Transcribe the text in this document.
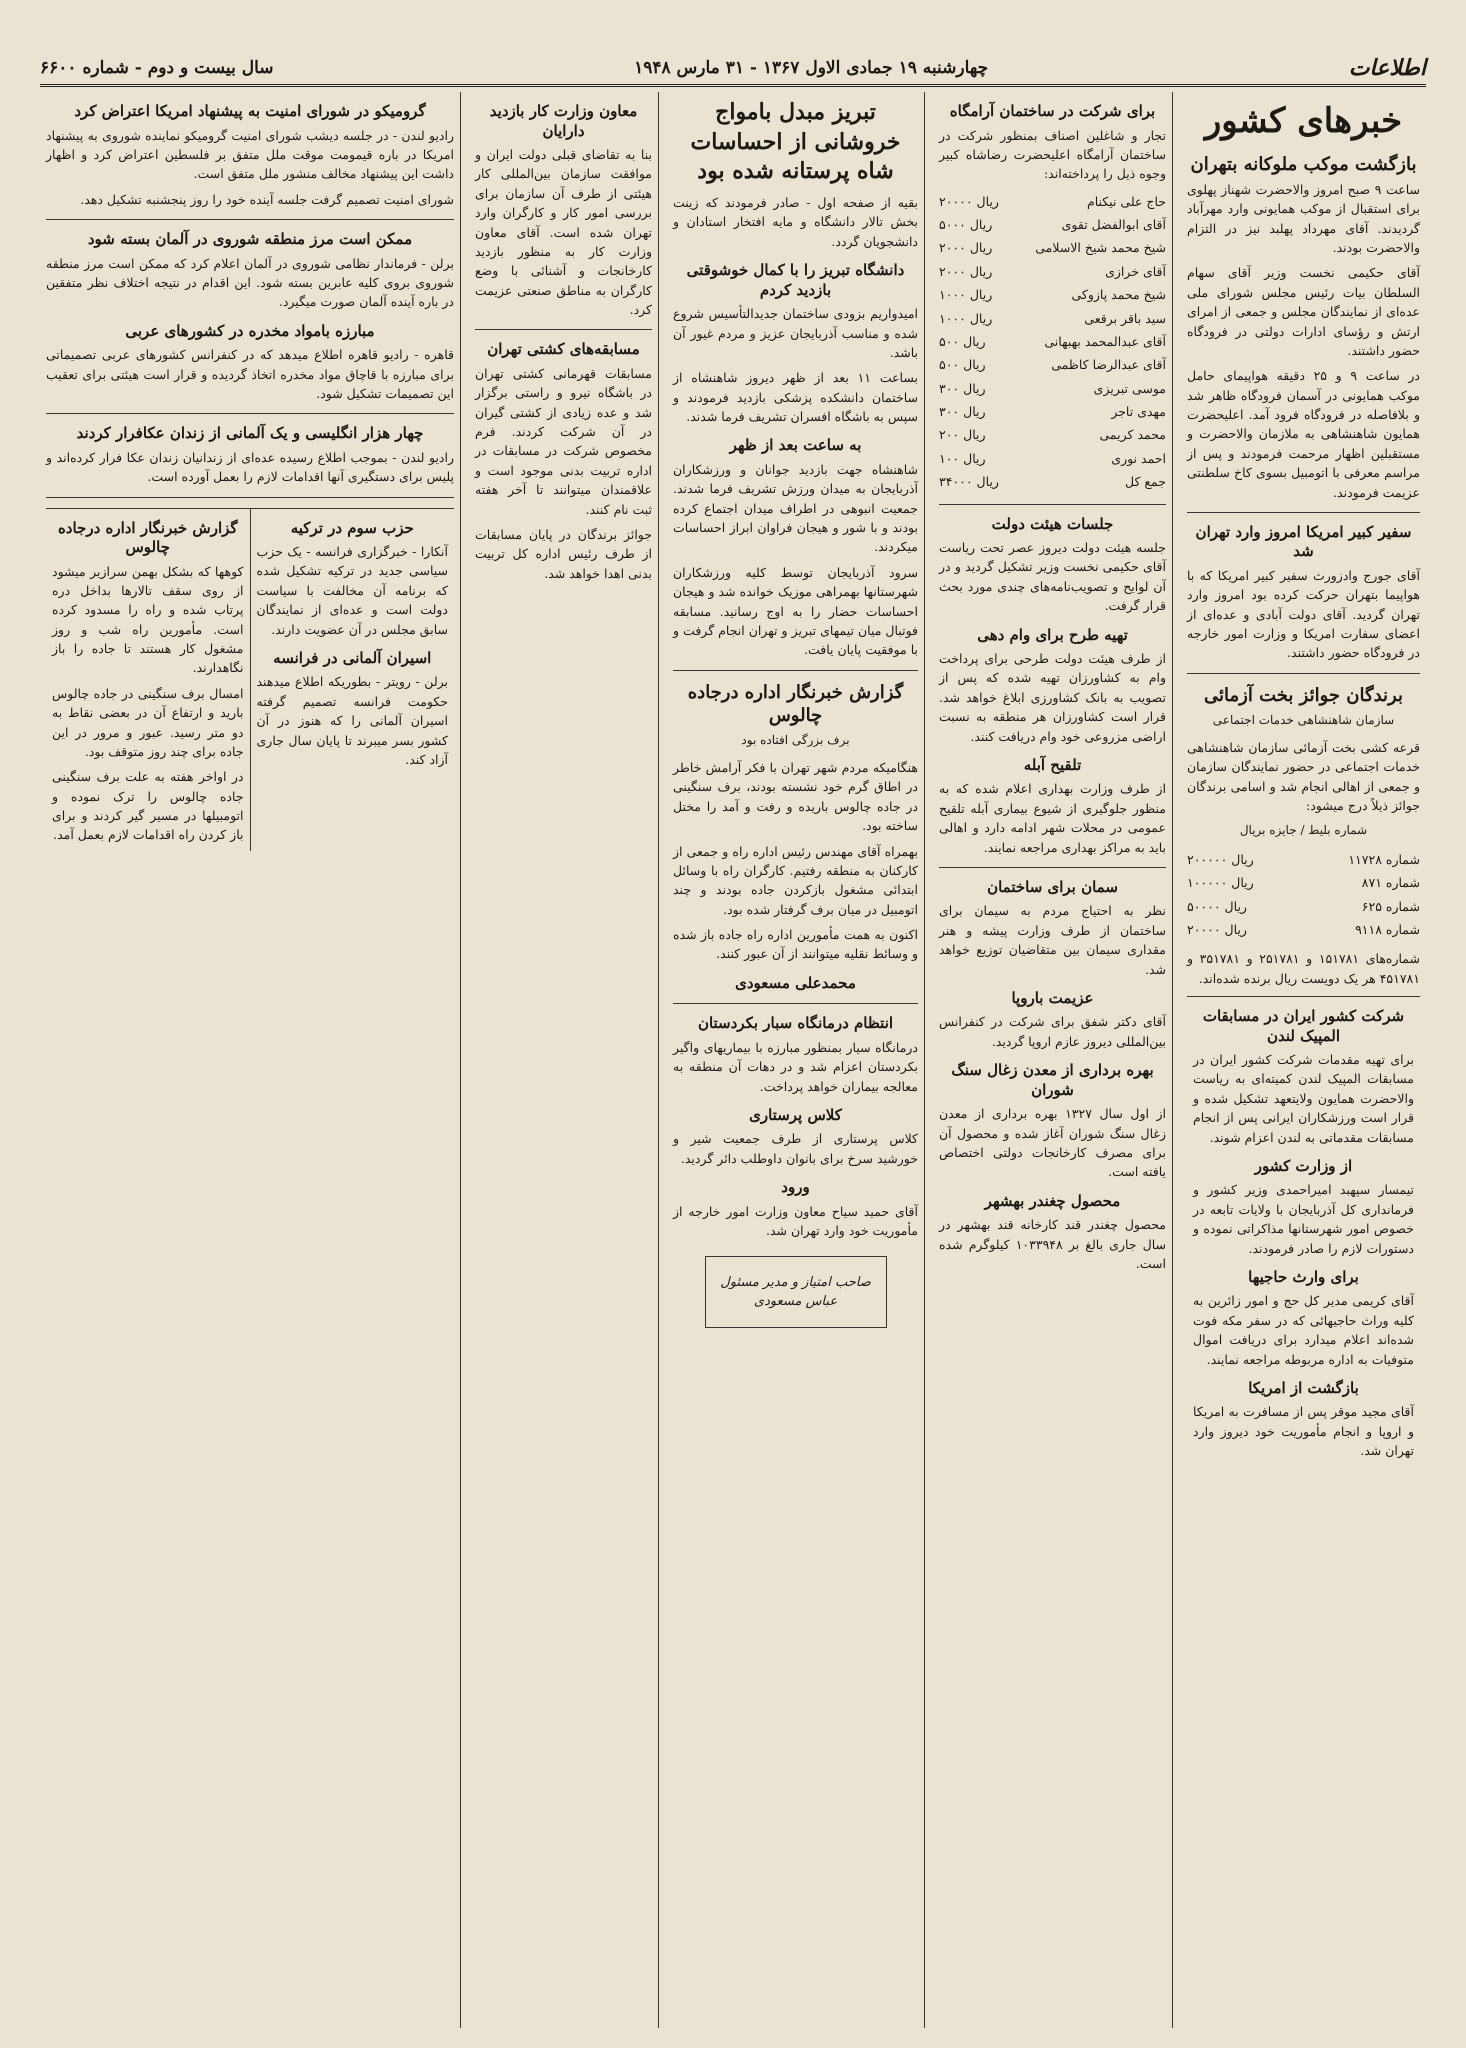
اطلاعات
چهارشنبه ۱۹ جمادی الاول ۱۳۶۷ - ۳۱ مارس ۱۹۴۸
سال بیست و دوم - شماره ۶۶۰۰
خبرهای کشور
بازگشت موکب ملوکانه بتهران

ساعت ۹ صبح امروز والاحضرت شهناز پهلوی برای استقبال از موکب همایونی وارد مهرآباد گردیدند. آقای مهرداد پهلبد نیز در التزام والاحضرت بودند.

آقای حکیمی نخست وزیر آقای سهام السلطان بیات رئیس مجلس شورای ملی عده‌ای از نمایندگان مجلس و جمعی از امرای ارتش و رؤسای ادارات دولتی در فرودگاه حضور داشتند.

در ساعت ۹ و ۲۵ دقیقه هواپیمای حامل موکب همایونی در آسمان فرودگاه ظاهر شد و بلافاصله در فرودگاه فرود آمد. اعلیحضرت همایون شاهنشاهی به ملازمان والاحضرت و مستقبلین اظهار مرحمت فرمودند و پس از مراسم معرفی با اتومبیل بسوی کاخ سلطنتی عزیمت فرمودند.

سفیر کبیر امریکا امروز وارد تهران شد

آقای جورج وادزورث سفیر کبیر امریکا که با هواپیما بتهران حرکت کرده بود امروز وارد تهران گردید. آقای دولت آبادی و عده‌ای از اعضای سفارت امریکا و وزارت امور خارجه در فرودگاه حضور داشتند.

برندگان جوائز بخت آزمائی
سازمان شاهنشاهی خدمات اجتماعی

قرعه کشی بخت آزمائی سازمان شاهنشاهی خدمات اجتماعی در حضور نمایندگان سازمان و جمعی از اهالی انجام شد و اسامی برندگان جوائز ذیلاً درج میشود:

شماره بلیط / جایزه بریال
شماره ۱۱۷۲۸	۲۰۰۰۰۰ ریال
شماره ۸۷۱	۱۰۰۰۰۰ ریال
شماره ۶۲۵	۵۰۰۰۰ ریال
شماره ۹۱۱۸	۲۰۰۰۰ ریال

شماره‌های ۱۵۱۷۸۱ و ۲۵۱۷۸۱ و ۳۵۱۷۸۱ و ۴۵۱۷۸۱ هر یک دویست ریال برنده شده‌اند.

شرکت کشور ایران در مسابقات المپیک لندن

برای تهیه مقدمات شرکت کشور ایران در مسابقات المپیک لندن کمیته‌ای به ریاست والاحضرت همایون ولایتعهد تشکیل شده و قرار است ورزشکاران ایرانی پس از انجام مسابقات مقدماتی به لندن اعزام شوند.

از وزارت کشور

تیمسار سپهبد امیراحمدی وزیر کشور و فرمانداری کل آذربایجان با ولایات تابعه در خصوص امور شهرستانها مذاکراتی نموده و دستورات لازم را صادر فرمودند.

برای وارث حاجیها

آقای کریمی مدیر کل حج و امور زائرین به کلیه وراث حاجیهائی که در سفر مکه فوت شده‌اند اعلام میدارد برای دریافت اموال متوفیات به اداره مربوطه مراجعه نمایند.

بازگشت از امریکا

آقای مجید موقر پس از مسافرت به امریکا و اروپا و انجام مأموریت خود دیروز وارد تهران شد.

برای شرکت در ساختمان آرامگاه

تجار و شاغلین اصناف بمنظور شرکت در ساختمان آرامگاه اعلیحضرت رضاشاه کبیر وجوه ذیل را پرداخته‌اند:

حاج علی نیکنام	۲۰۰۰۰ ریال
آقای ابوالفضل تقوی	۵۰۰۰ ریال
شیخ محمد شیخ الاسلامی	۲۰۰۰ ریال
آقای خرازی	۲۰۰۰ ریال
شیخ محمد پازوکی	۱۰۰۰ ریال
سید باقر برقعی	۱۰۰۰ ریال
آقای عبدالمحمد بهبهانی	۵۰۰ ریال
آقای عبدالرضا کاظمی	۵۰۰ ریال
موسی تبریزی	۳۰۰ ریال
مهدی تاجر	۳۰۰ ریال
محمد کریمی	۲۰۰ ریال
احمد نوری	۱۰۰ ریال
جمع کل	۳۴۰۰۰ ریال
جلسات هیئت دولت

جلسه هیئت دولت دیروز عصر تحت ریاست آقای حکیمی نخست وزیر تشکیل گردید و در آن لوایح و تصویب‌نامه‌های چندی مورد بحث قرار گرفت.

تهیه طرح برای وام دهی

از طرف هیئت دولت طرحی برای پرداخت وام به کشاورزان تهیه شده که پس از تصویب به بانک کشاورزی ابلاغ خواهد شد. قرار است کشاورزان هر منطقه به نسبت اراضی مزروعی خود وام دریافت کنند.

تلقیح آبله

از طرف وزارت بهداری اعلام شده که به منظور جلوگیری از شیوع بیماری آبله تلقیح عمومی در محلات شهر ادامه دارد و اهالی باید به مراکز بهداری مراجعه نمایند.

سمان برای ساختمان

نظر به احتیاج مردم به سیمان برای ساختمان از طرف وزارت پیشه و هنر مقداری سیمان بین متقاضیان توزیع خواهد شد.

عزیمت باروپا

آقای دکتر شفق برای شرکت در کنفرانس بین‌المللی دیروز عازم اروپا گردید.

بهره برداری از معدن زغال سنگ شوران

از اول سال ۱۳۲۷ بهره برداری از معدن زغال سنگ شوران آغاز شده و محصول آن برای مصرف کارخانجات دولتی اختصاص یافته است.

محصول چغندر بهشهر

محصول چغندر قند کارخانه قند بهشهر در سال جاری بالغ بر ۱۰۳۳۹۴۸ کیلوگرم شده است.

تبریز مبدل بامواج خروشانی از احساسات شاه پرستانه شده بود

بقیه از صفحه اول - صادر فرمودند که زینت بخش تالار دانشگاه و مایه افتخار استادان و دانشجویان گردد.

دانشگاه تبریز را با کمال خوشوقتی بازدید کردم

امیدواریم بزودی ساختمان جدیدالتأسیس شروع شده و مناسب آذربایجان عزیز و مردم غیور آن باشد.

بساعت ۱۱ بعد از ظهر دیروز شاهنشاه از ساختمان دانشکده پزشکی بازدید فرمودند و سپس به باشگاه افسران تشریف فرما شدند.

به ساعت بعد از ظهر

شاهنشاه جهت بازدید جوانان و ورزشکاران آذربایجان به میدان ورزش تشریف فرما شدند. جمعیت انبوهی در اطراف میدان اجتماع کرده بودند و با شور و هیجان فراوان ابراز احساسات میکردند.

سرود آذربایجان توسط کلیه ورزشکاران شهرستانها بهمراهی موزیک خوانده شد و هیجان احساسات حضار را به اوج رسانید. مسابقه فوتبال میان تیمهای تبریز و تهران انجام گرفت و با موفقیت پایان یافت.

گزارش خبرنگار اداره درجاده چالوس
برف بزرگی افتاده بود

هنگامیکه مردم شهر تهران با فکر آرامش خاطر در اطاق گرم خود نشسته بودند، برف سنگینی در جاده چالوس باریده و رفت و آمد را مختل ساخته بود.

بهمراه آقای مهندس رئیس اداره راه و جمعی از کارکنان به منطقه رفتیم. کارگران راه با وسائل ابتدائی مشغول بازکردن جاده بودند و چند اتومبیل در میان برف گرفتار شده بود.

اکنون به همت مأمورین اداره راه جاده باز شده و وسائط نقلیه میتوانند از آن عبور کنند.

محمدعلی مسعودی
انتظام درمانگاه سبار بکردستان

درمانگاه سیار بمنظور مبارزه با بیماریهای واگیر بکردستان اعزام شد و در دهات آن منطقه به معالجه بیماران خواهد پرداخت.

کلاس پرستاری

کلاس پرستاری از طرف جمعیت شیر و خورشید سرخ برای بانوان داوطلب دائر گردید.

ورود

آقای حمید سیاح معاون وزارت امور خارجه از مأموریت خود وارد تهران شد.

صاحب امتیاز و مدیر مسئول
عباس مسعودی
معاون وزارت کار بازدید دارایان

بنا به تقاضای قبلی دولت ایران و موافقت سازمان بین‌المللی کار هیئتی از طرف آن سازمان برای بررسی امور کار و کارگران وارد تهران شده است. آقای معاون وزارت کار به منظور بازدید کارخانجات و آشنائی با وضع کارگران به مناطق صنعتی عزیمت کرد.

مسابقه‌های کشتی تهران

مسابقات قهرمانی کشتی تهران در باشگاه نیرو و راستی برگزار شد و عده زیادی از کشتی گیران در آن شرکت کردند. فرم مخصوص شرکت در مسابقات در اداره تربیت بدنی موجود است و علاقمندان میتوانند تا آخر هفته ثبت نام کنند.

جوائز برندگان در پایان مسابقات از طرف رئیس اداره کل تربیت بدنی اهدا خواهد شد.

گرومیکو در شورای امنیت به پیشنهاد امریکا اعتراض کرد

رادیو لندن - در جلسه دیشب شورای امنیت گرومیکو نماینده شوروی به پیشنهاد امریکا در باره قیمومت موقت ملل متفق بر فلسطین اعتراض کرد و اظهار داشت این پیشنهاد مخالف منشور ملل متفق است.

شورای امنیت تصمیم گرفت جلسه آینده خود را روز پنجشنبه تشکیل دهد.

ممکن است مرز منطقه شوروی در آلمان بسته شود

برلن - فرماندار نظامی شوروی در آلمان اعلام کرد که ممکن است مرز منطقه شوروی بروی کلیه عابرین بسته شود. این اقدام در نتیجه اختلاف نظر متفقین در باره آینده آلمان صورت میگیرد.

مبارزه بامواد مخدره در کشورهای عربی

قاهره - رادیو قاهره اطلاع میدهد که در کنفرانس کشورهای عربی تصمیماتی برای مبارزه با قاچاق مواد مخدره اتخاذ گردیده و قرار است هیئتی برای تعقیب این تصمیمات تشکیل شود.

چهار هزار انگلیسی و یک آلمانی از زندان عکافرار کردند

رادیو لندن - بموجب اطلاع رسیده عده‌ای از زندانیان زندان عکا فرار کرده‌اند و پلیس برای دستگیری آنها اقدامات لازم را بعمل آورده است.

حزب سوم در ترکیه

آنکارا - خبرگزاری فرانسه - یک حزب سیاسی جدید در ترکیه تشکیل شده که برنامه آن مخالفت با سیاست دولت است و عده‌ای از نمایندگان سابق مجلس در آن عضویت دارند.

اسیران آلمانی در فرانسه

برلن - رویتر - بطوریکه اطلاع میدهند حکومت فرانسه تصمیم گرفته اسیران آلمانی را که هنوز در آن کشور بسر میبرند تا پایان سال جاری آزاد کند.

گزارش خبرنگار اداره درجاده چالوس

کوهها که بشکل بهمن سرازیر میشود از روی سقف تالارها بداخل دره پرتاب شده و راه را مسدود کرده است. مأمورین راه شب و روز مشغول کار هستند تا جاده را باز نگاهدارند.

امسال برف سنگینی در جاده چالوس بارید و ارتفاع آن در بعضی نقاط به دو متر رسید. عبور و مرور در این جاده برای چند روز متوقف بود.

در اواخر هفته به علت برف سنگینی جاده چالوس را ترک نموده و اتومبیلها در مسیر گیر کردند و برای باز کردن راه اقدامات لازم بعمل آمد.
